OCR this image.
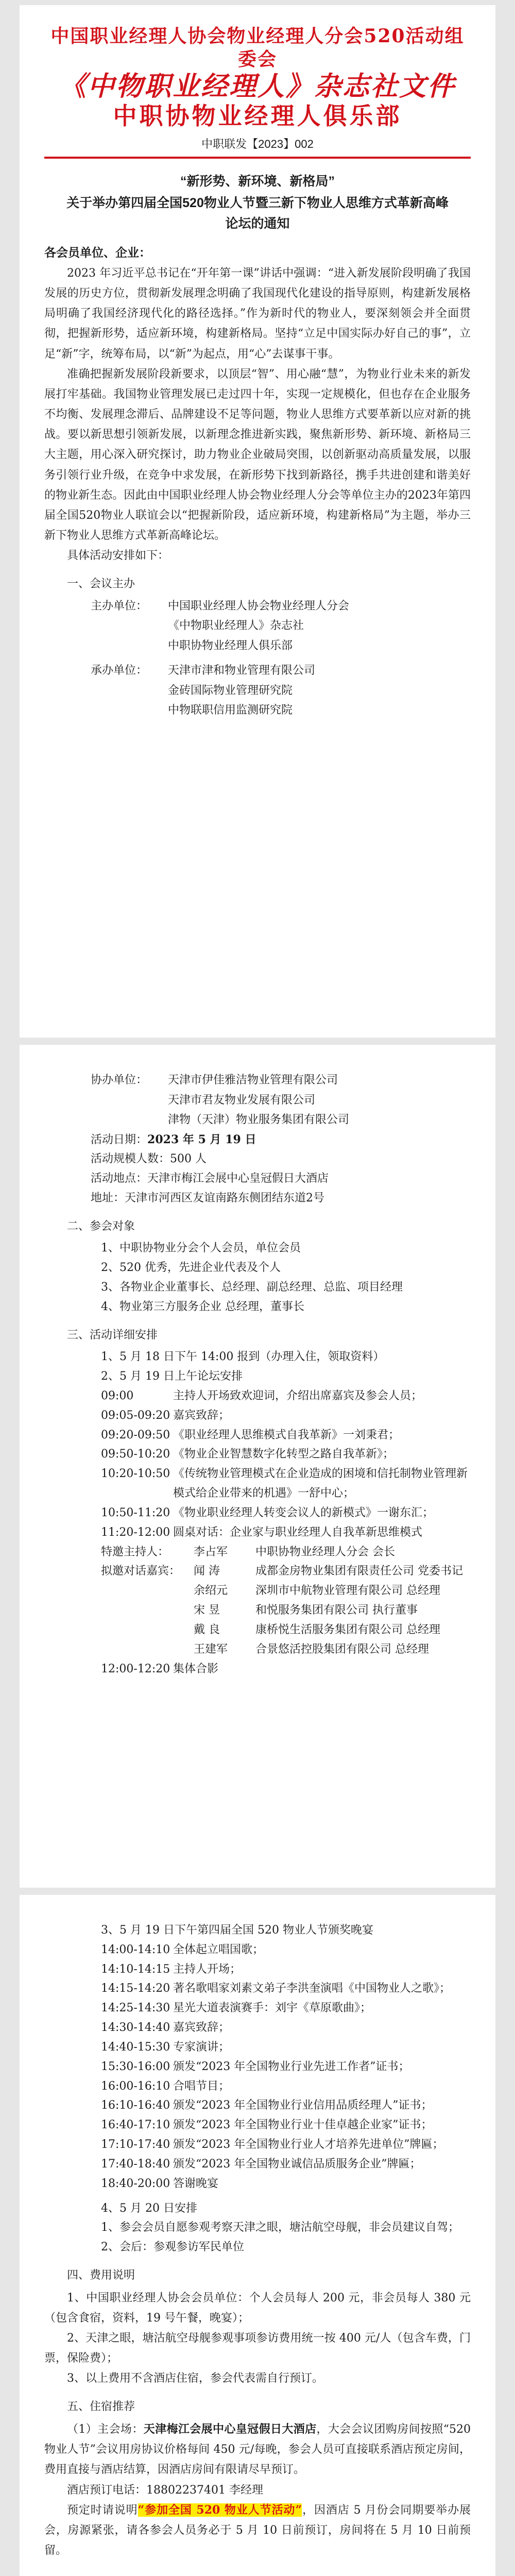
中国职业经理人协会物业经理人分会520活动组委会
《中物职业经理人》杂志社文件
中职协物业经理人俱乐部
中职联发【2023】002
“新形势、新环境、新格局”
关于举办第四届全国520物业人节暨三新下物业人思维方式革新高峰论坛的通知
各会员单位、企业：

2023 年习近平总书记在“开年第一课”讲话中强调：“进入新发展阶段明确了我国发展的历史方位，贯彻新发展理念明确了我国现代化建设的指导原则，构建新发展格局明确了我国经济现代化的路径选择。”作为新时代的物业人，要深刻领会并全面贯彻，把握新形势，适应新环境，构建新格局。坚持“立足中国实际办好自己的事”，立足“新”字，统筹布局，以“新”为起点，用“心”去谋事干事。

准确把握新发展阶段新要求，以顶层“智”、用心融“慧”，为物业行业未来的新发展打牢基础。我国物业管理发展已走过四十年，实现一定规模化，但也存在企业服务不均衡、发展理念滞后、品牌建设不足等问题，物业人思维方式要革新以应对新的挑战。要以新思想引领新发展，以新理念推进新实践，聚焦新形势、新环境、新格局三大主题，用心深入研究探讨，助力物业企业破局突围，以创新驱动高质量发展，以服务引领行业升级，在竞争中求发展，在新形势下找到新路径，携手共进创建和谐美好的物业新生态。因此由中国职业经理人协会物业经理人分会等单位主办的2023年第四届全国520物业人联谊会以“把握新阶段，适应新环境，构建新格局”为主题，举办三新下物业人思维方式革新高峰论坛。

具体活动安排如下：

一、会议主办
主办单位：	中国职业经理人协会物业经理人分会
《中物职业经理人》杂志社
中职协物业经理人俱乐部
承办单位：	天津市津和物业管理有限公司
金砖国际物业管理研究院
中物联职信用监测研究院
协办单位：	天津市伊佳雅洁物业管理有限公司
天津市君友物业发展有限公司
津物（天津）物业服务集团有限公司
活动日期：2023 年 5 月 19 日
活动规模人数：500 人
活动地点：天津市梅江会展中心皇冠假日大酒店
地址：天津市河西区友谊南路东侧团结东道2号
二、参会对象
1、中职协物业分会个人会员，单位会员
2、520 优秀，先进企业代表及个人
3、各物业企业董事长、总经理、副总经理、总监、项目经理
4、物业第三方服务企业 总经理，董事长
三、活动详细安排
1、5 月 18 日下午 14:00 报到（办理入住，领取资料）
2、5 月 19 日上午论坛安排
09:00	主持人开场致欢迎词，介绍出席嘉宾及参会人员；
09:05-09:20 嘉宾致辞；
09:20-09:50 《职业经理人思维模式自我革新》一刘秉君；
09:50-10:20 《物业企业智慧数字化转型之路自我革新》；
10:20-10:50 《传统物业管理模式在企业造成的困境和信托制物业管理新模式给企业带来的机遇》一舒中心；
10:50-11:20 《物业职业经理人转变会议人的新模式》一谢东汇；
11:20-12:00 圆桌对话：企业家与职业经理人自我革新思维模式
特邀主持人：	李占军	中职协物业经理人分会 会长
拟邀对话嘉宾：	闻 涛	成都金房物业集团有限责任公司 党委书记
余绍元	深圳市中航物业管理有限公司 总经理
宋 昱	和悦服务集团有限公司 执行董事
戴 良	康桥悦生活服务集团有限公司 总经理
王建军	合景悠活控股集团有限公司 总经理
12:00-12:20 集体合影
3、5 月 19 日下午第四届全国 520 物业人节颁奖晚宴
14:00-14:10 全体起立唱国歌；
14:10-14:15 主持人开场；
14:15-14:20 著名歌唱家刘素文弟子李洪奎演唱《中国物业人之歌》；
14:25-14:30 星光大道表演赛手：刘宇《草原歌曲》；
14:30-14:40 嘉宾致辞；
14:40-15:30 专家演讲；
15:30-16:00 颁发“2023 年全国物业行业先进工作者”证书；
16:00-16:10 合唱节目；
16:10-16:40 颁发“2023 年全国物业行业信用品质经理人”证书；
16:40-17:10 颁发“2023 年全国物业行业十佳卓越企业家”证书；
17:10-17:40 颁发“2023 年全国物业行业人才培养先进单位”牌匾；
17:40-18:40 颁发“2023 年全国物业诚信品质服务企业”牌匾；
18:40-20:00 答谢晚宴
4、5 月 20 日安排
1、参会会员自愿参观考察天津之眼，塘沽航空母舰，非会员建议自驾；
2、会后：参观参访军民单位
四、费用说明

1、中国职业经理人协会会员单位：个人会员每人 200 元，非会员每人 380 元（包含食宿，资料，19 号午餐，晚宴）；

2、天津之眼，塘沽航空母舰参观事项参访费用统一按 400 元/人（包含车费，门票，保险费）；

3、以上费用不含酒店住宿，参会代表需自行预订。

五、住宿推荐

（1）主会场：天津梅江会展中心皇冠假日大酒店，大会会议团购房间按照“520 物业人节”会议用房协议价格每间 450 元/每晚，参会人员可直接联系酒店预定房间，费用直接与酒店结算，因酒店房间有限请尽早预订。

酒店预订电话：18802237401 李经理

预定时请说明“参加全国 520 物业人节活动”，因酒店 5 月份会同期要举办展会，房源紧张，请各参会人员务必于 5 月 10 日前预订，房间将在 5 月 10 日前预留。
